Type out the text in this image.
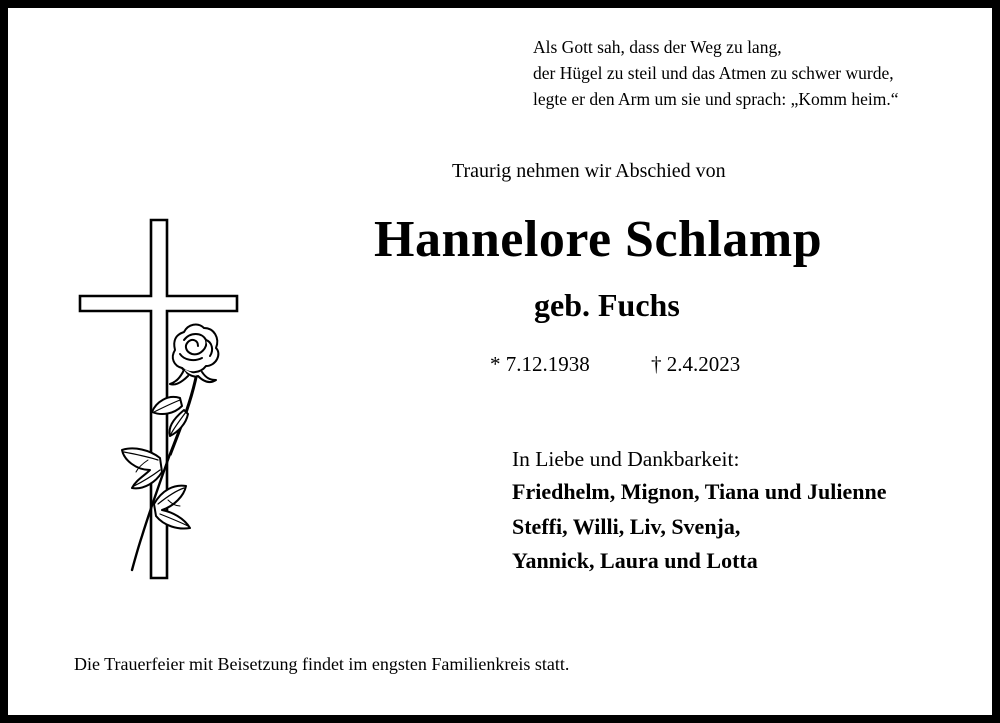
Als Gott sah, dass der Weg zu lang,
der Hügel zu steil und das Atmen zu schwer wurde,
legte er den Arm um sie und sprach: „Komm heim.“
Traurig nehmen wir Abschied von
Hannelore Schlamp
geb. Fuchs
* 7.12.1938	† 2.4.2023
In Liebe und Dankbarkeit:
Friedhelm, Mignon, Tiana und Julienne
Steffi, Willi, Liv, Svenja,
Yannick, Laura und Lotta
Die Trauerfeier mit Beisetzung findet im engsten Familienkreis statt.
